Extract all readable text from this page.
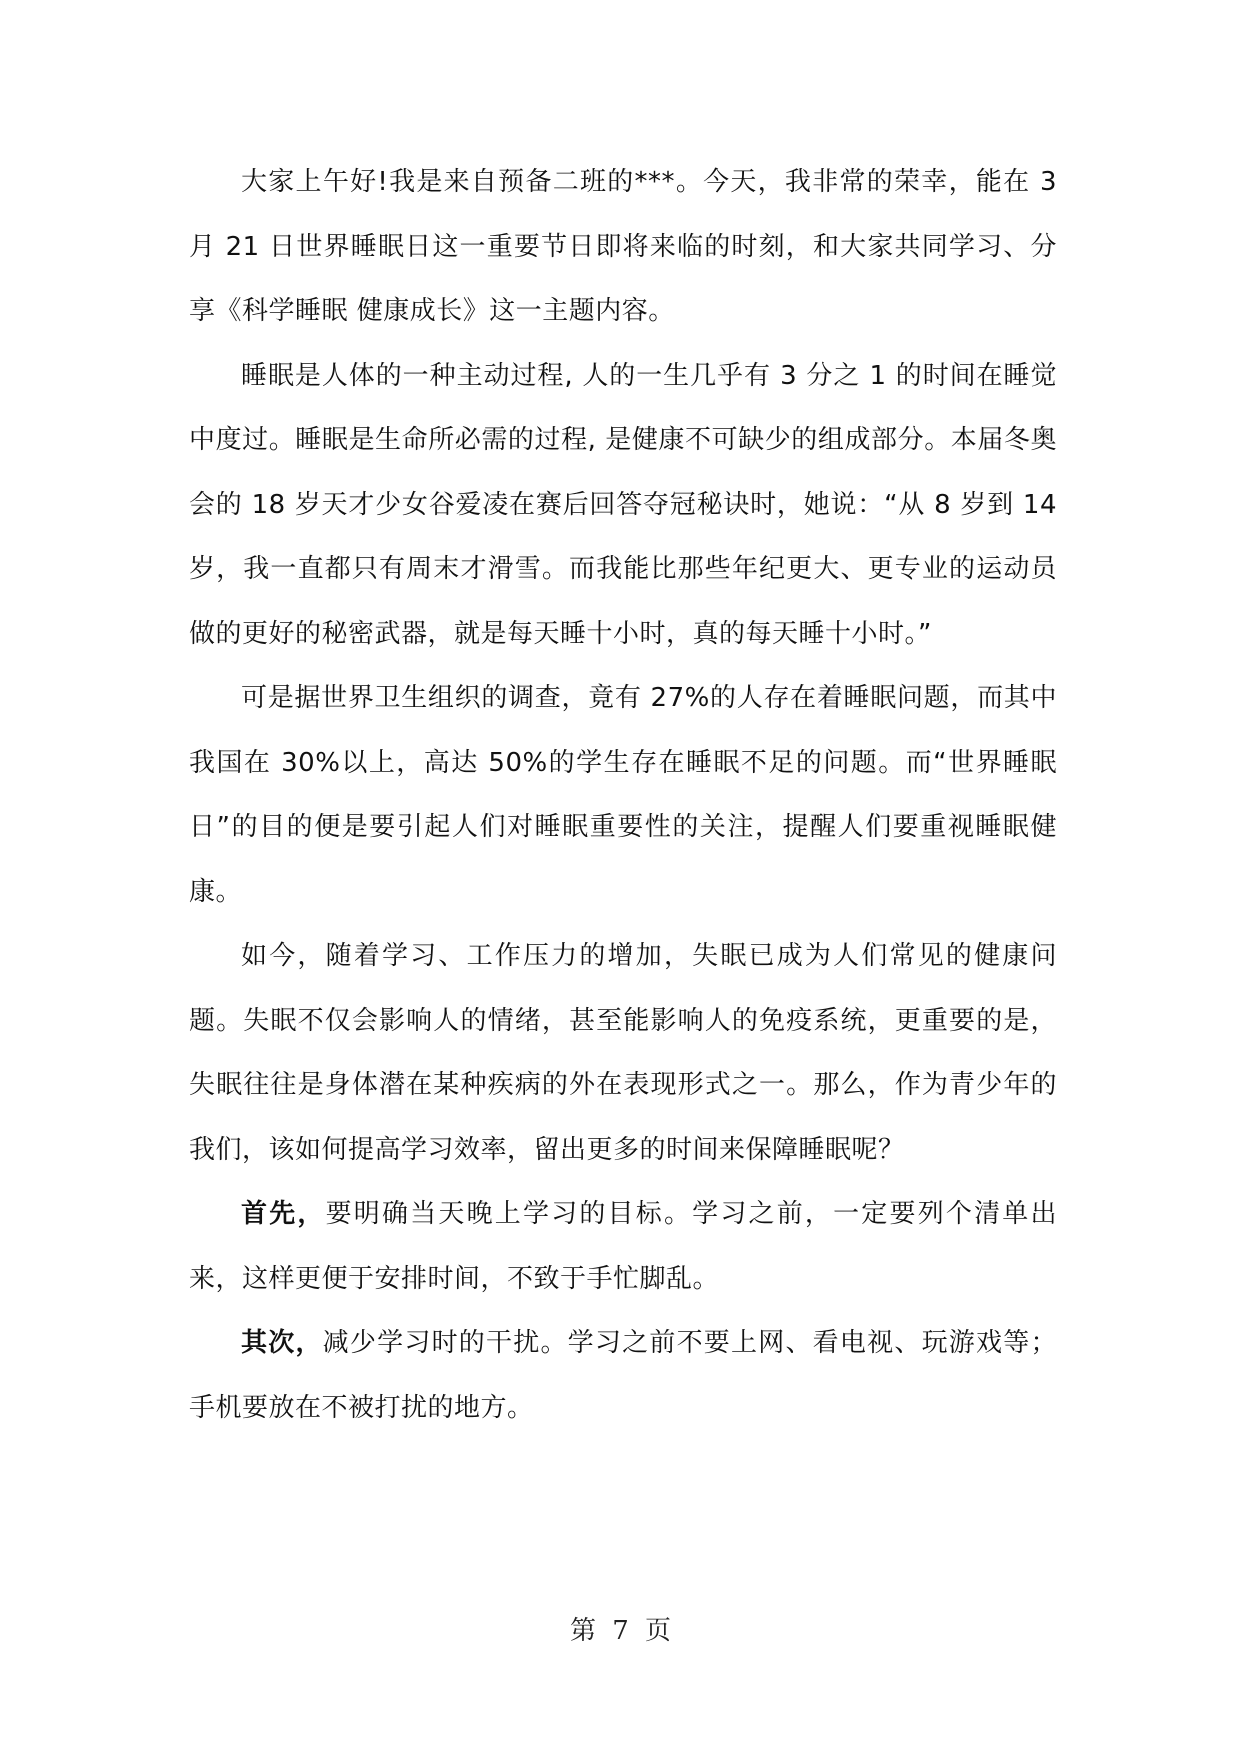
大家上午好!我是来自预备二班的***。今天，我非常的荣幸，能在 3 月 21 日世界睡眠日这一重要节日即将来临的时刻，和大家共同学习、分享《科学睡眠 健康成长》这一主题内容。

睡眠是人体的一种主动过程, 人的一生几乎有 3 分之 1 的时间在睡觉中度过。睡眠是生命所必需的过程, 是健康不可缺少的组成部分。本届冬奥会的 18 岁天才少女谷爱凌在赛后回答夺冠秘诀时，她说：“从 8 岁到 14 岁，我一直都只有周末才滑雪。而我能比那些年纪更大、更专业的运动员做的更好的秘密武器，就是每天睡十小时，真的每天睡十小时。”

可是据世界卫生组织的调查，竟有 27%的人存在着睡眠问题，而其中我国在 30%以上，高达 50%的学生存在睡眠不足的问题。而“世界睡眠日”的目的便是要引起人们对睡眠重要性的关注，提醒人们要重视睡眠健康。

如今，随着学习、工作压力的增加，失眠已成为人们常见的健康问题。失眠不仅会影响人的情绪，甚至能影响人的免疫系统，更重要的是，失眠往往是身体潜在某种疾病的外在表现形式之一。那么，作为青少年的我们，该如何提高学习效率，留出更多的时间来保障睡眠呢？

首先，要明确当天晚上学习的目标。学习之前，一定要列个清单出来，这样更便于安排时间，不致于手忙脚乱。

其次，减少学习时的干扰。学习之前不要上网、看电视、玩游戏等；手机要放在不被打扰的地方。

第 7 页
